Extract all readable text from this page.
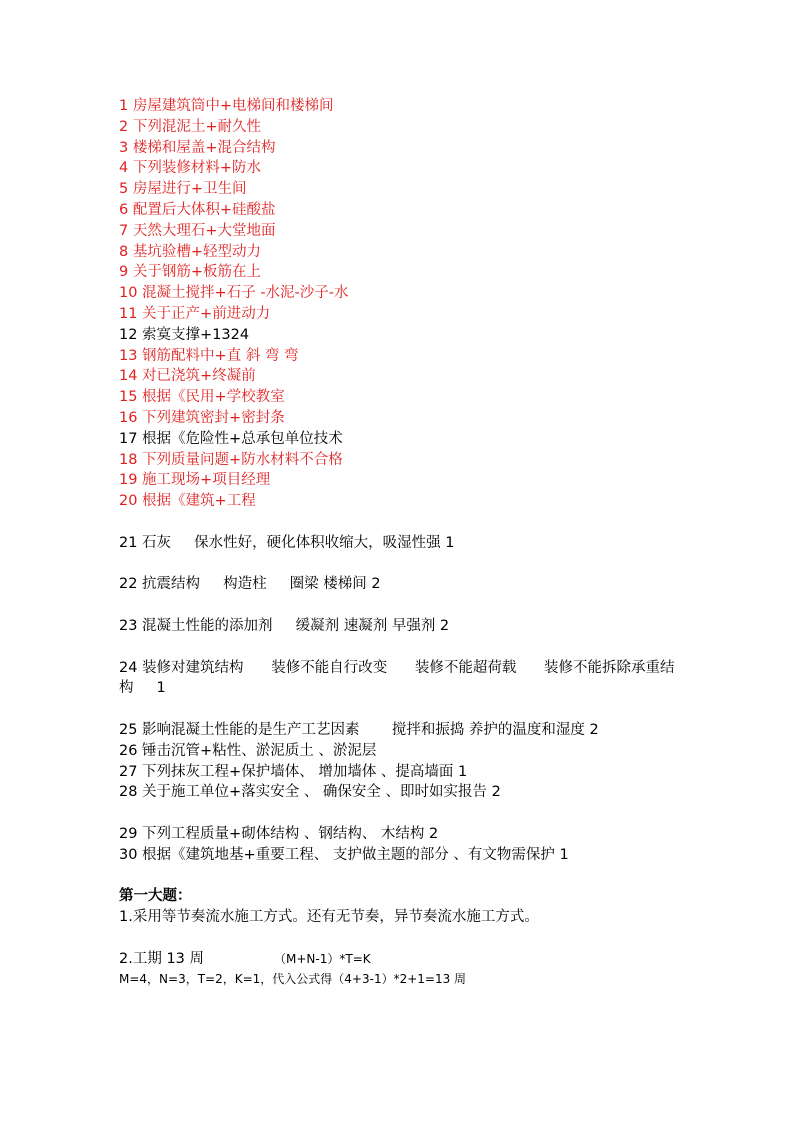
1 房屋建筑筒中+电梯间和楼梯间
2 下列混泥土+耐久性
3 楼梯和屋盖+混合结构
4 下列装修材料+防水
5 房屋进行+卫生间
6 配置后大体积+硅酸盐
7 天然大理石+大堂地面
8 基坑验槽+轻型动力
9 关于钢筋+板筋在上
10 混凝土搅拌+石子 -水泥-沙子-水
11 关于正产+前进动力
12 索寞支撑+1324
13 钢筋配料中+直 斜 弯 弯
14 对已浇筑+终凝前
15 根据《民用+学校教室
16 下列建筑密封+密封条
17 根据《危险性+总承包单位技术
18 下列质量问题+防水材料不合格
19 施工现场+项目经理
20 根据《建筑+工程
21 石灰     保水性好，硬化体积收缩大，吸湿性强 1
22 抗震结构     构造柱     圈梁 楼梯间 2
23 混凝土性能的添加剂     缓凝剂 速凝剂 早强剂 2
24 装修对建筑结构      装修不能自行改变      装修不能超荷载      装修不能拆除承重结构     1
25 影响混凝土性能的是生产工艺因素       搅拌和振捣 养护的温度和湿度 2
26 锤击沉管+粘性、淤泥质土 、淤泥层
27 下列抹灰工程+保护墙体、 增加墙体 、提高墙面 1
28 关于施工单位+落实安全 、 确保安全 、即时如实报告 2
29 下列工程质量+砌体结构 、钢结构、 木结构 2
30 根据《建筑地基+重要工程、 支护做主题的部分 、有文物需保护 1
第一大题：
1.采用等节奏流水施工方式。还有无节奏，异节奏流水施工方式。
2.工期 13 周	（M+N-1）*T=K
M=4，N=3，T=2，K=1，代入公式得（4+3-1）*2+1=13 周
